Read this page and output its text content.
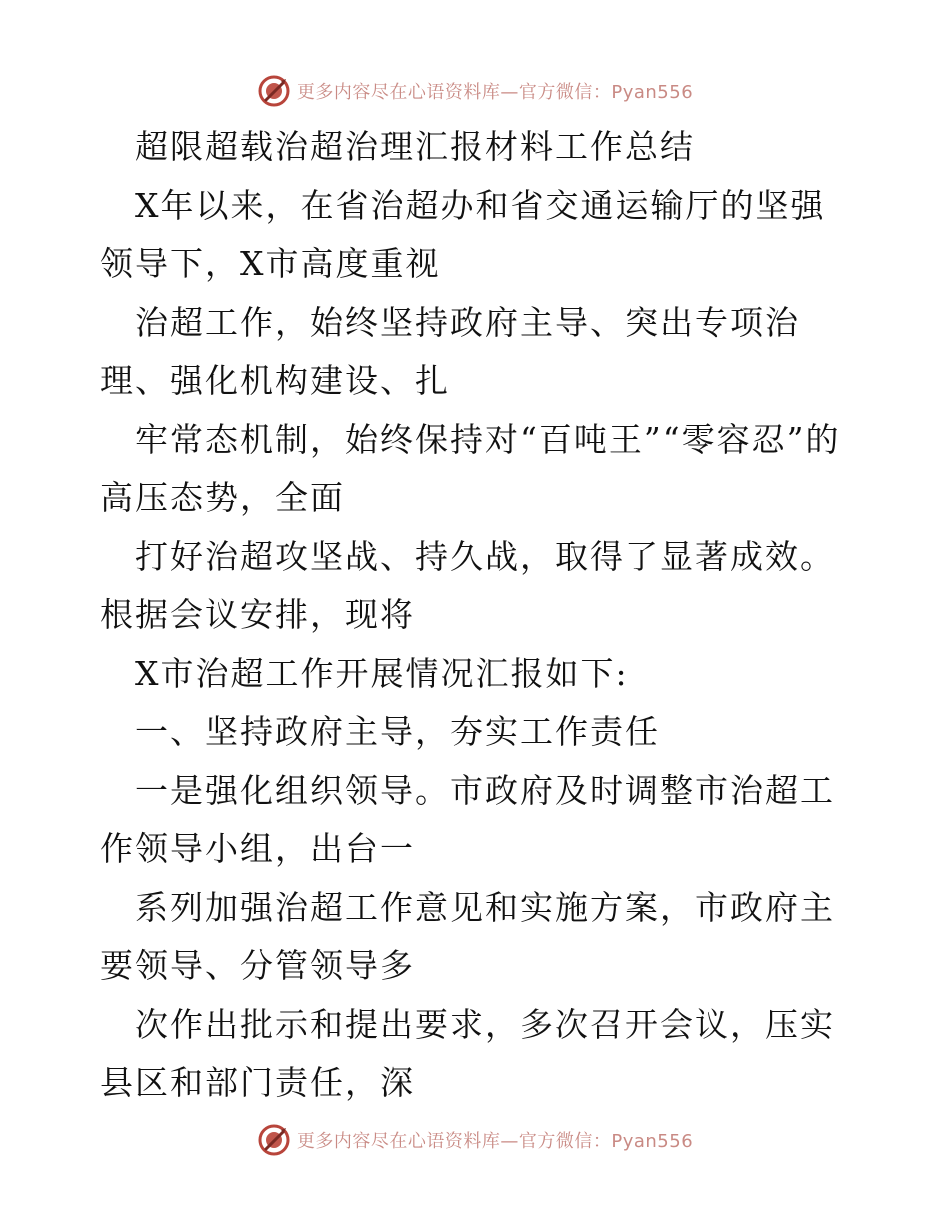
更多内容尽在心语资料库—官方微信：Pyan556

超限超载治超治理汇报材料工作总结

X年以来，在省治超办和省交通运输厅的坚强领导下，X市高度重视

治超工作，始终坚持政府主导、突出专项治理、强化机构建设、扎

牢常态机制，始终保持对“百吨王”“零容忍”的高压态势，全面

打好治超攻坚战、持久战，取得了显著成效。根据会议安排，现将

X市治超工作开展情况汇报如下:

一、坚持政府主导，夯实工作责任

一是强化组织领导。市政府及时调整市治超工作领导小组，出台一

系列加强治超工作意见和实施方案，市政府主要领导、分管领导多

次作出批示和提出要求，多次召开会议，压实县区和部门责任，深

更多内容尽在心语资料库—官方微信：Pyan556
